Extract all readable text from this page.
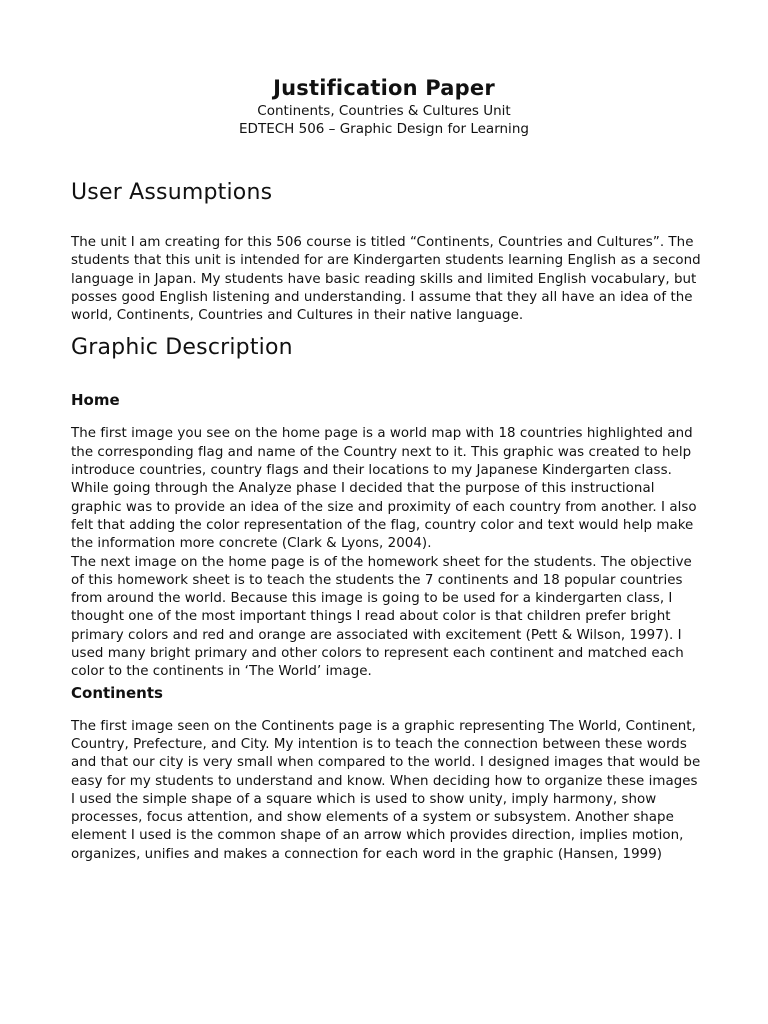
Justification Paper

Continents, Countries & Cultures Unit

EDTECH 506 – Graphic Design for Learning

User Assumptions

The unit I am creating for this 506 course is titled “Continents, Countries and Cultures”. The students that this unit is intended for are Kindergarten students learning English as a second language in Japan. My students have basic reading skills and limited English vocabulary, but posses good English listening and understanding. I assume that they all have an idea of the world, Continents, Countries and Cultures in their native language.

Graphic Description
Home

The first image you see on the home page is a world map with 18 countries highlighted and the corresponding flag and name of the Country next to it. This graphic was created to help introduce countries, country flags and their locations to my Japanese Kindergarten class. While going through the Analyze phase I decided that the purpose of this instructional graphic was to provide an idea of the size and proximity of each country from another. I also felt that adding the color representation of the flag, country color and text would help make the information more concrete (Clark & Lyons, 2004).

The next image on the home page is of the homework sheet for the students. The objective of this homework sheet is to teach the students the 7 continents and 18 popular countries from around the world. Because this image is going to be used for a kindergarten class, I thought one of the most important things I read about color is that children prefer bright primary colors and red and orange are associated with excitement (Pett & Wilson, 1997). I used many bright primary and other colors to represent each continent and matched each color to the continents in ‘The World’ image.

Continents

The first image seen on the Continents page is a graphic representing The World, Continent, Country, Prefecture, and City. My intention is to teach the connection between these words and that our city is very small when compared to the world. I designed images that would be easy for my students to understand and know. When deciding how to organize these images I used the simple shape of a square which is used to show unity, imply harmony, show processes, focus attention, and show elements of a system or subsystem. Another shape element I used is the common shape of an arrow which provides direction, implies motion, organizes, unifies and makes a connection for each word in the graphic (Hansen, 1999)
